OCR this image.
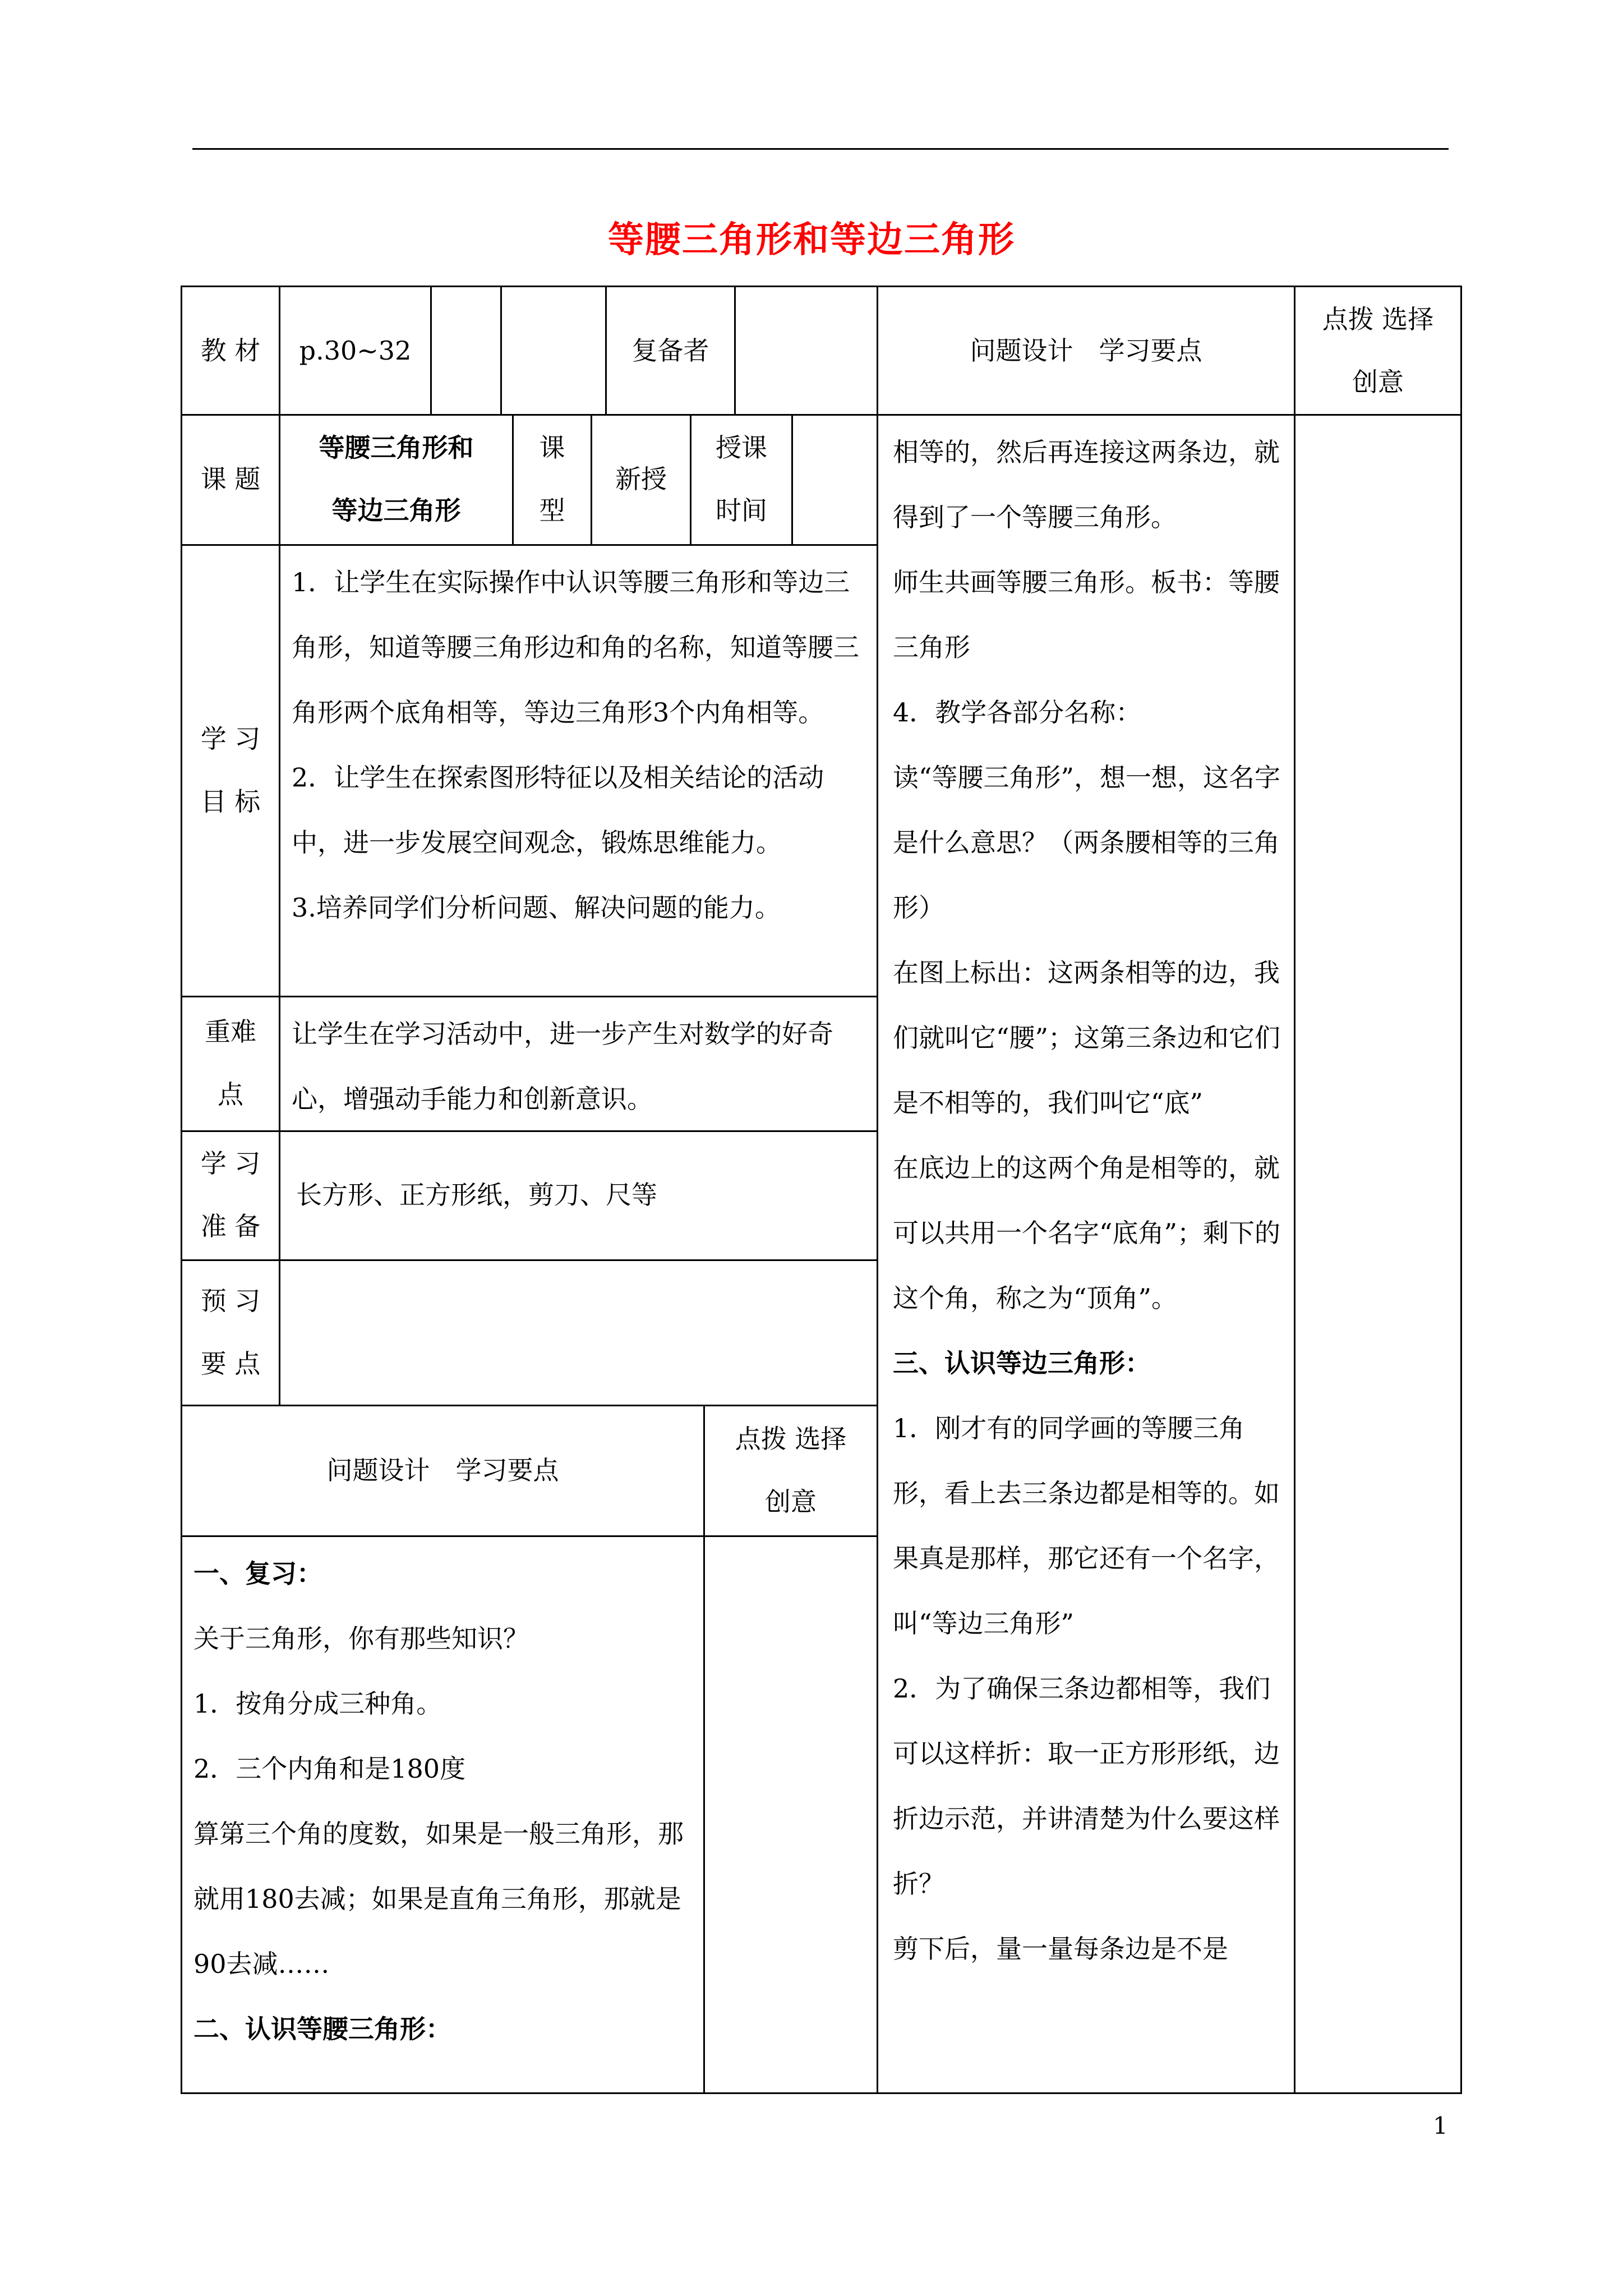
等腰三角形和等边三角形
教 材 p.30~32	复备者	问题设计　学习要点
点拨 选择
创意
课 题
等腰三角形和
等边三角形
课
型
新授
授课
时间
学 习
目 标
1．让学生在实际操作中认识等腰三角形和等边三角形，知道等腰三角形边和角的名称，知道等腰三角形两个底角相等，等边三角形3个内角相等。
2．让学生在探索图形特征以及相关结论的活动中，进一步发展空间观念，锻炼思维能力。
3.培养同学们分析问题、解决问题的能力。
重难
点
让学生在学习活动中，进一步产生对数学的好奇心，增强动手能力和创新意识。
学 习
准 备
长方形、正方形纸，剪刀、尺等
预 习
要 点
问题设计　学习要点
点拨 选择
创意
一、复习：
关于三角形，你有那些知识？
1．按角分成三种角。
2．三个内角和是180度
算第三个角的度数，如果是一般三角形，那就用180去减；如果是直角三角形，那就是90去减……
二、认识等腰三角形：
相等的，然后再连接这两条边，就得到了一个等腰三角形。
师生共画等腰三角形。板书：等腰三角形
4．教学各部分名称：
读“等腰三角形”，想一想，这名字是什么意思？（两条腰相等的三角形）
在图上标出：这两条相等的边，我们就叫它“腰”；这第三条边和它们是不相等的，我们叫它“底”
在底边上的这两个角是相等的，就可以共用一个名字“底角”；剩下的这个角，称之为“顶角”。
三、认识等边三角形：
1．刚才有的同学画的等腰三角形，看上去三条边都是相等的。如果真是那样，那它还有一个名字，叫“等边三角形”
2．为了确保三条边都相等，我们可以这样折：取一正方形形纸，边折边示范，并讲清楚为什么要这样折？
剪下后，量一量每条边是不是
1
